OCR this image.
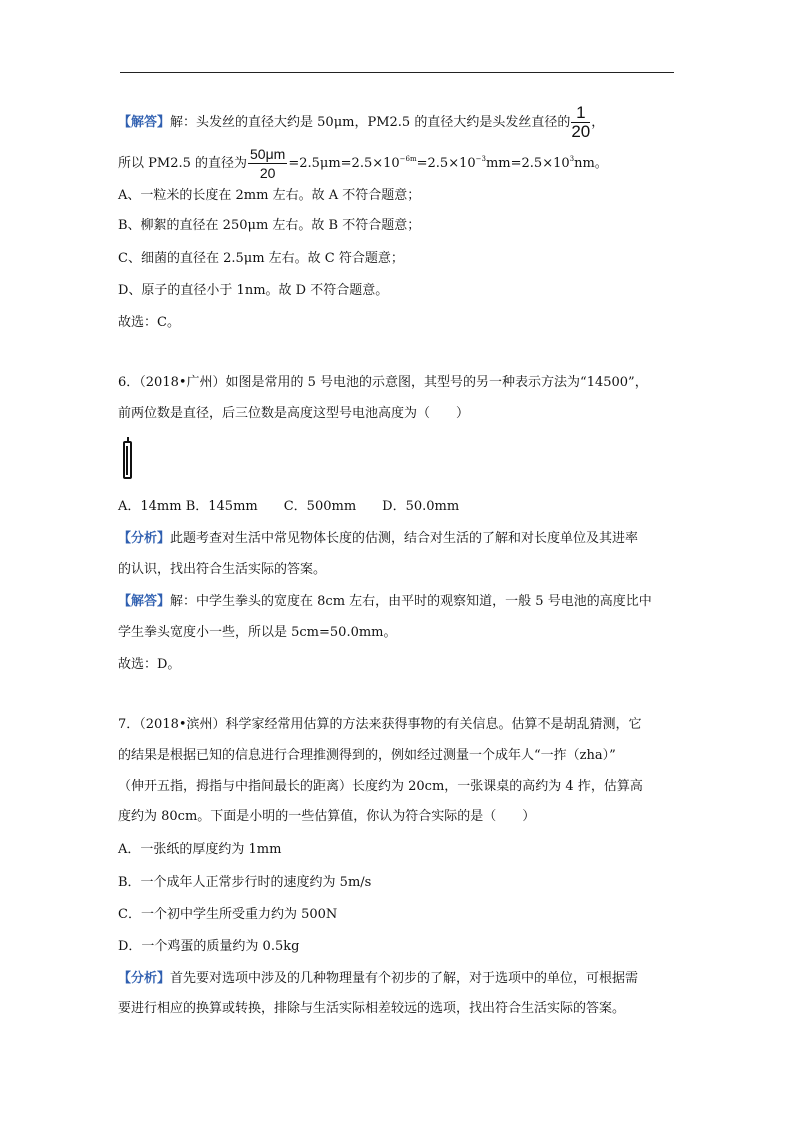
【解答】解：头发丝的直径大约是 50μm，PM2.5 的直径大约是头发丝直径的 $\frac{1}{20}$ ，
所以 PM2.5 的直径为 $\frac{50\mu m}{20} =2.5\mu m=2.5\times 10^{-6m}=2.5\times 10^{-3}mm=2.5\times 10^3nm$。
A、一粒米的长度在 2mm 左右。故 A 不符合题意；
B、柳絮的直径在 250μm 左右。故 B 不符合题意；
C、细菌的直径在 2.5μm 左右。故 C 符合题意；
D、原子的直径小于 1nm。故 D 不符合题意。
故选：C。
6．（2018•广州）如图是常用的 5 号电池的示意图，其型号的另一种表示方法为“14500”，
前两位数是直径，后三位数是高度这型号电池高度为（　　）
A．14mm B．145mm　　C．500mm　　D．50.0mm
【分析】此题考查对生活中常见物体长度的估测，结合对生活的了解和对长度单位及其进率
的认识，找出符合生活实际的答案。
【解答】解：中学生拳头的宽度在 8cm 左右，由平时的观察知道，一般 5 号电池的高度比中
学生拳头宽度小一些，所以是 5cm=50.0mm。
故选：D。
7．（2018•滨州）科学家经常用估算的方法来获得事物的有关信息。估算不是胡乱猜测，它
的结果是根据已知的信息进行合理推测得到的，例如经过测量一个成年人“一拃（zha）”
（伸开五指，拇指与中指间最长的距离）长度约为 20cm，一张课桌的高约为 4 拃，估算高
度约为 80cm。下面是小明的一些估算值，你认为符合实际的是（　　）
A．一张纸的厚度约为 1mm
B．一个成年人正常步行时的速度约为 5m/s
C．一个初中学生所受重力约为 500N
D．一个鸡蛋的质量约为 0.5kg
【分析】首先要对选项中涉及的几种物理量有个初步的了解，对于选项中的单位，可根据需
要进行相应的换算或转换，排除与生活实际相差较远的选项，找出符合生活实际的答案。
